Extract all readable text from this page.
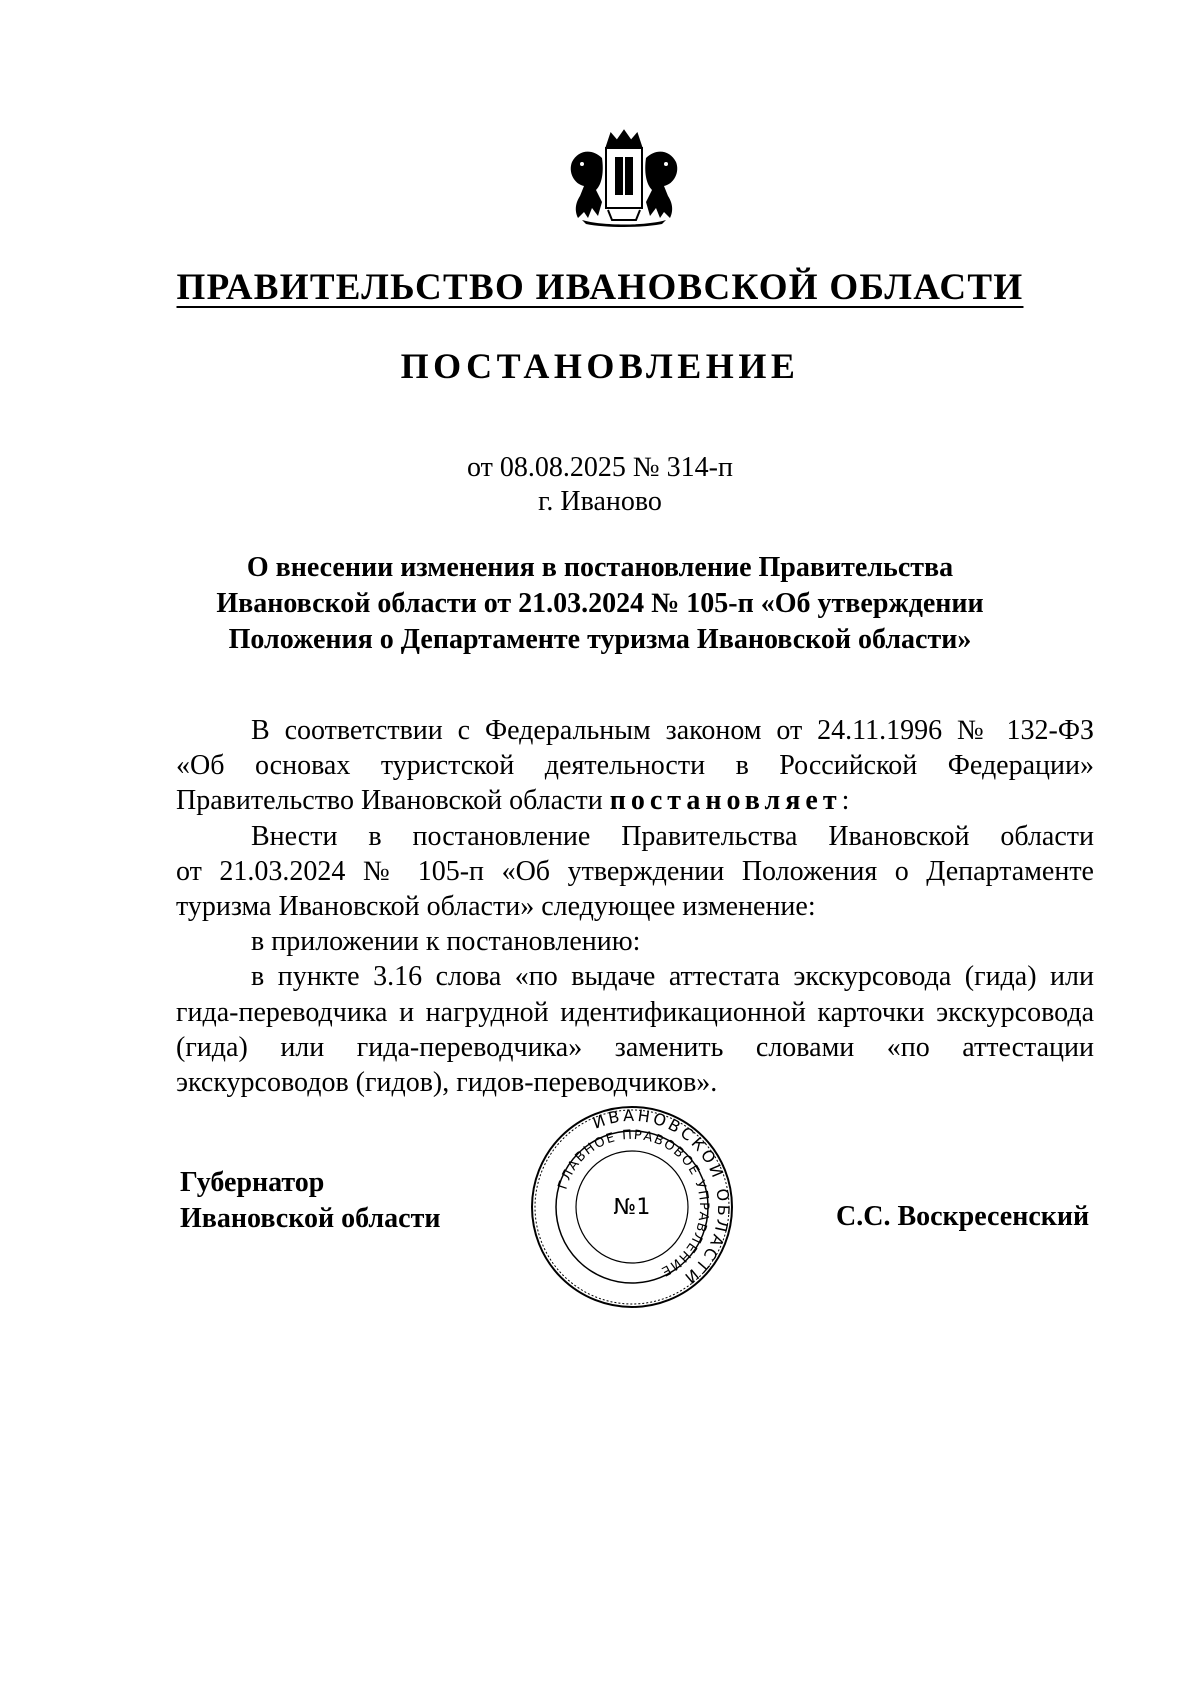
ПРАВИТЕЛЬСТВО ИВАНОВСКОЙ ОБЛАСТИ
ПОСТАНОВЛЕНИЕ
от 08.08.2025 № 314-п
г. Иваново
О внесении изменения в постановление Правительства
Ивановской области от 21.03.2024 № 105-п «Об утверждении
Положения о Департаменте туризма Ивановской области»
В соответствии с Федеральным законом от 24.11.1996 № 132-ФЗ
«Об основах туристской деятельности в Российской Федерации»
Правительство Ивановской области постановляет:
Внести в постановление Правительства Ивановской области
от 21.03.2024 № 105-п «Об утверждении Положения о Департаменте
туризма Ивановской области» следующее изменение:
в приложении к постановлению:
в пункте 3.16 слова «по выдаче аттестата экскурсовода (гида) или
гида-переводчика и нагрудной идентификационной карточки экскурсовода
(гида) или гида-переводчика» заменить словами «по аттестации
экскурсоводов (гидов), гидов-переводчиков».
Губернатор
Ивановской области	С.С. Воскресенский
ИВАНОВСКОЙ ОБЛАСТИ
ГЛАВНОЕ ПРАВОВОЕ УПРАВЛЕНИЕ
№1
